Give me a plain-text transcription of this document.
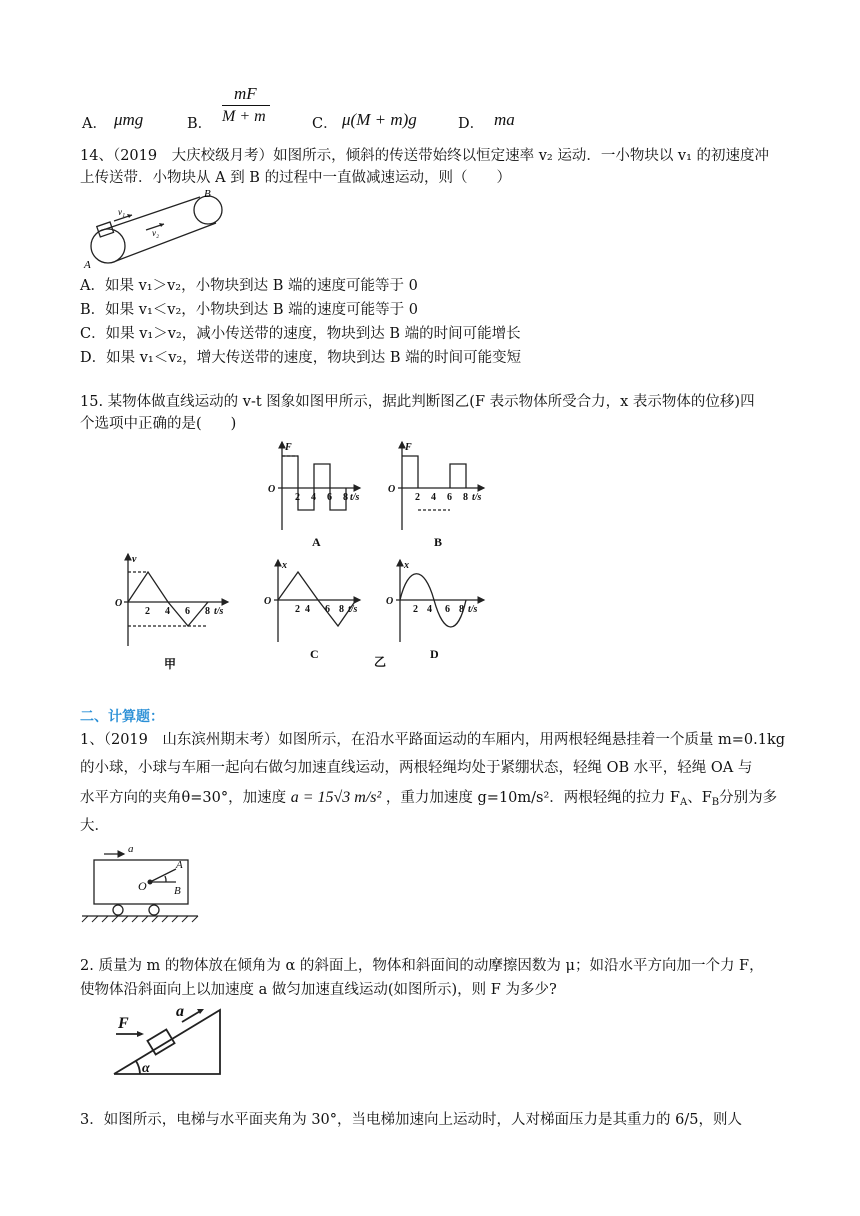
A． μmg	B．
mF
M + m	C． μ(M + m)g	D． ma
14、（2019　大庆校级月考）如图所示，倾斜的传送带始终以恒定速率 v₂ 运动．一小物块以 v₁ 的初速度冲
上传送带．小物块从 A 到 B 的过程中一直做减速运动，则（　　）
v₁
v₂
A
B
A．如果 v₁＞v₂，小物块到达 B 端的速度可能等于 0
B．如果 v₁＜v₂，小物块到达 B 端的速度可能等于 0
C．如果 v₁＞v₂，减小传送带的速度，物块到达 B 端的时间可能增长
D．如果 v₁＜v₂，增大传送带的速度，物块到达 B 端的时间可能变短
15. 某物体做直线运动的 v-t 图象如图甲所示，据此判断图乙(F 表示物体所受合力，x 表示物体的位移)四
个选项中正确的是(　　)
F
O
2 4 6 8 t/s
F
O
2 4 6 8 t/s
v
O
2 4 6 8 t/s
x
O
2 4 6 8 t/s
x
O
2 4 6 8 t/s
A	B
甲
C
乙
D
二、计算题：
1、（2019　山东滨州期末考）如图所示，在沿水平路面运动的车厢内，用两根轻绳悬挂着一个质量 m=0.1kg
的小球，小球与车厢一起向右做匀加速直线运动，两根轻绳均处于紧绷状态，轻绳 OB 水平，轻绳 OA 与
水平方向的夹角θ=30°，加速度 a = 15√3 m/s² ，重力加速度 g=10m/s²．两根轻绳的拉力 $F_A$、$F_B$分别为多
大．
a
A
B
O
2. 质量为 m 的物体放在倾角为 α 的斜面上，物体和斜面间的动摩擦因数为 μ；如沿水平方向加一个力 F，
使物体沿斜面向上以加速度 a 做匀加速直线运动(如图所示)，则 F 为多少?
F
a
α
3．如图所示，电梯与水平面夹角为 30°，当电梯加速向上运动时，人对梯面压力是其重力的 6/5，则人
